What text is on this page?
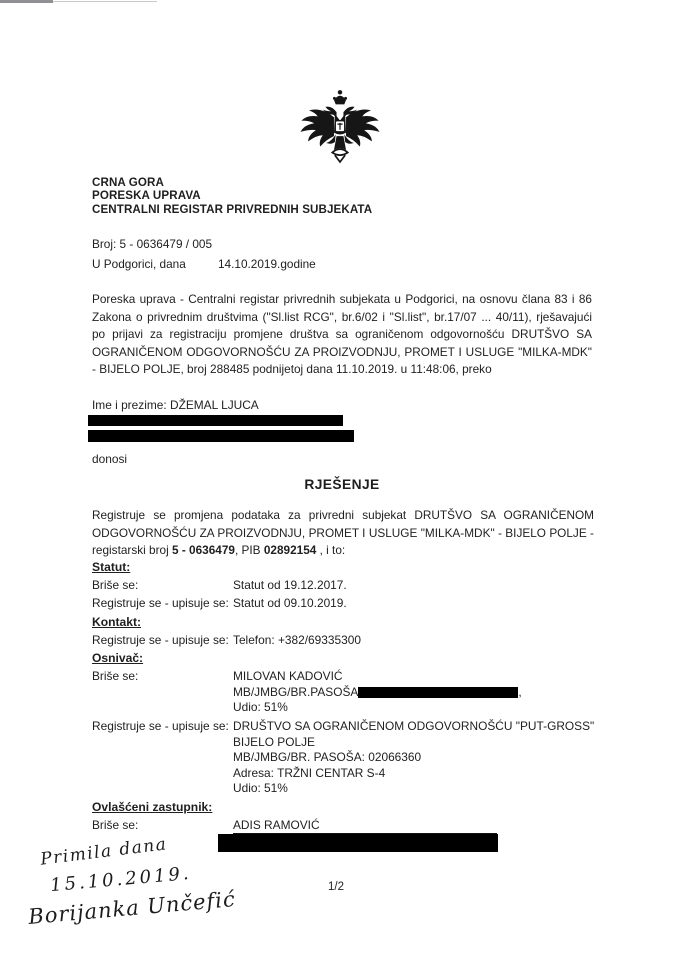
CRNA GORA
PORESKA UPRAVA
CENTRALNI REGISTAR PRIVREDNIH SUBJEKATA
Broj: 5 - 0636479 / 005
U Podgorici, dana	14.10.2019.godine

Poreska uprava - Centralni registar privrednih subjekata u Podgorici, na osnovu člana 83 i 86 Zakona o privrednim društvima ("Sl.list RCG", br.6/02 i "Sl.list", br.17/07 ... 40/11), rješavajući po prijavi za registraciju promjene društva sa ograničenom odgovornošću DRUTŠVO SA OGRANIČENOM ODGOVORNOŠĆU ZA PROIZVODNJU, PROMET I USLUGE "MILKA-MDK" - BIJELO POLJE, broj 288485 podnijetoj dana 11.10.2019. u 11:48:06, preko

Ime i prezime: DŽEMAL LJUCA
donosi
RJEŠENJE

Registruje se promjena podataka za privredni subjekat DRUTŠVO SA OGRANIČENOM ODGOVORNOŠĆU ZA PROIZVODNJU, PROMET I USLUGE "MILKA-MDK" - BIJELO POLJE - registarski broj 5 - 0636479, PIB 02892154 , i to:

Statut:
Briše se:	Statut od 19.12.2017.
Registruje se - upisuje se: Statut od 09.10.2019.
Kontakt:
Registruje se - upisuje se: Telefon: +382/69335300
Osnivač:
Briše se:	MILOVAN KADOVIĆ
MB/JMBG/BR.PASOŠA	,
Udio: 51%
Registruje se - upisuje se: DRUŠTVO SA OGRANIČENOM ODGOVORNOŠĆU "PUT-GROSS"
BIJELO POLJE
MB/JMBG/BR. PASOŠA: 02066360
Adresa: TRŽNI CENTAR S-4
Udio: 51%
Ovlašćeni zastupnik:
Briše se:	ADIS RAMOVIĆ
Primila dana
15.10.2019.
Borijanka Unčefić	1/2
